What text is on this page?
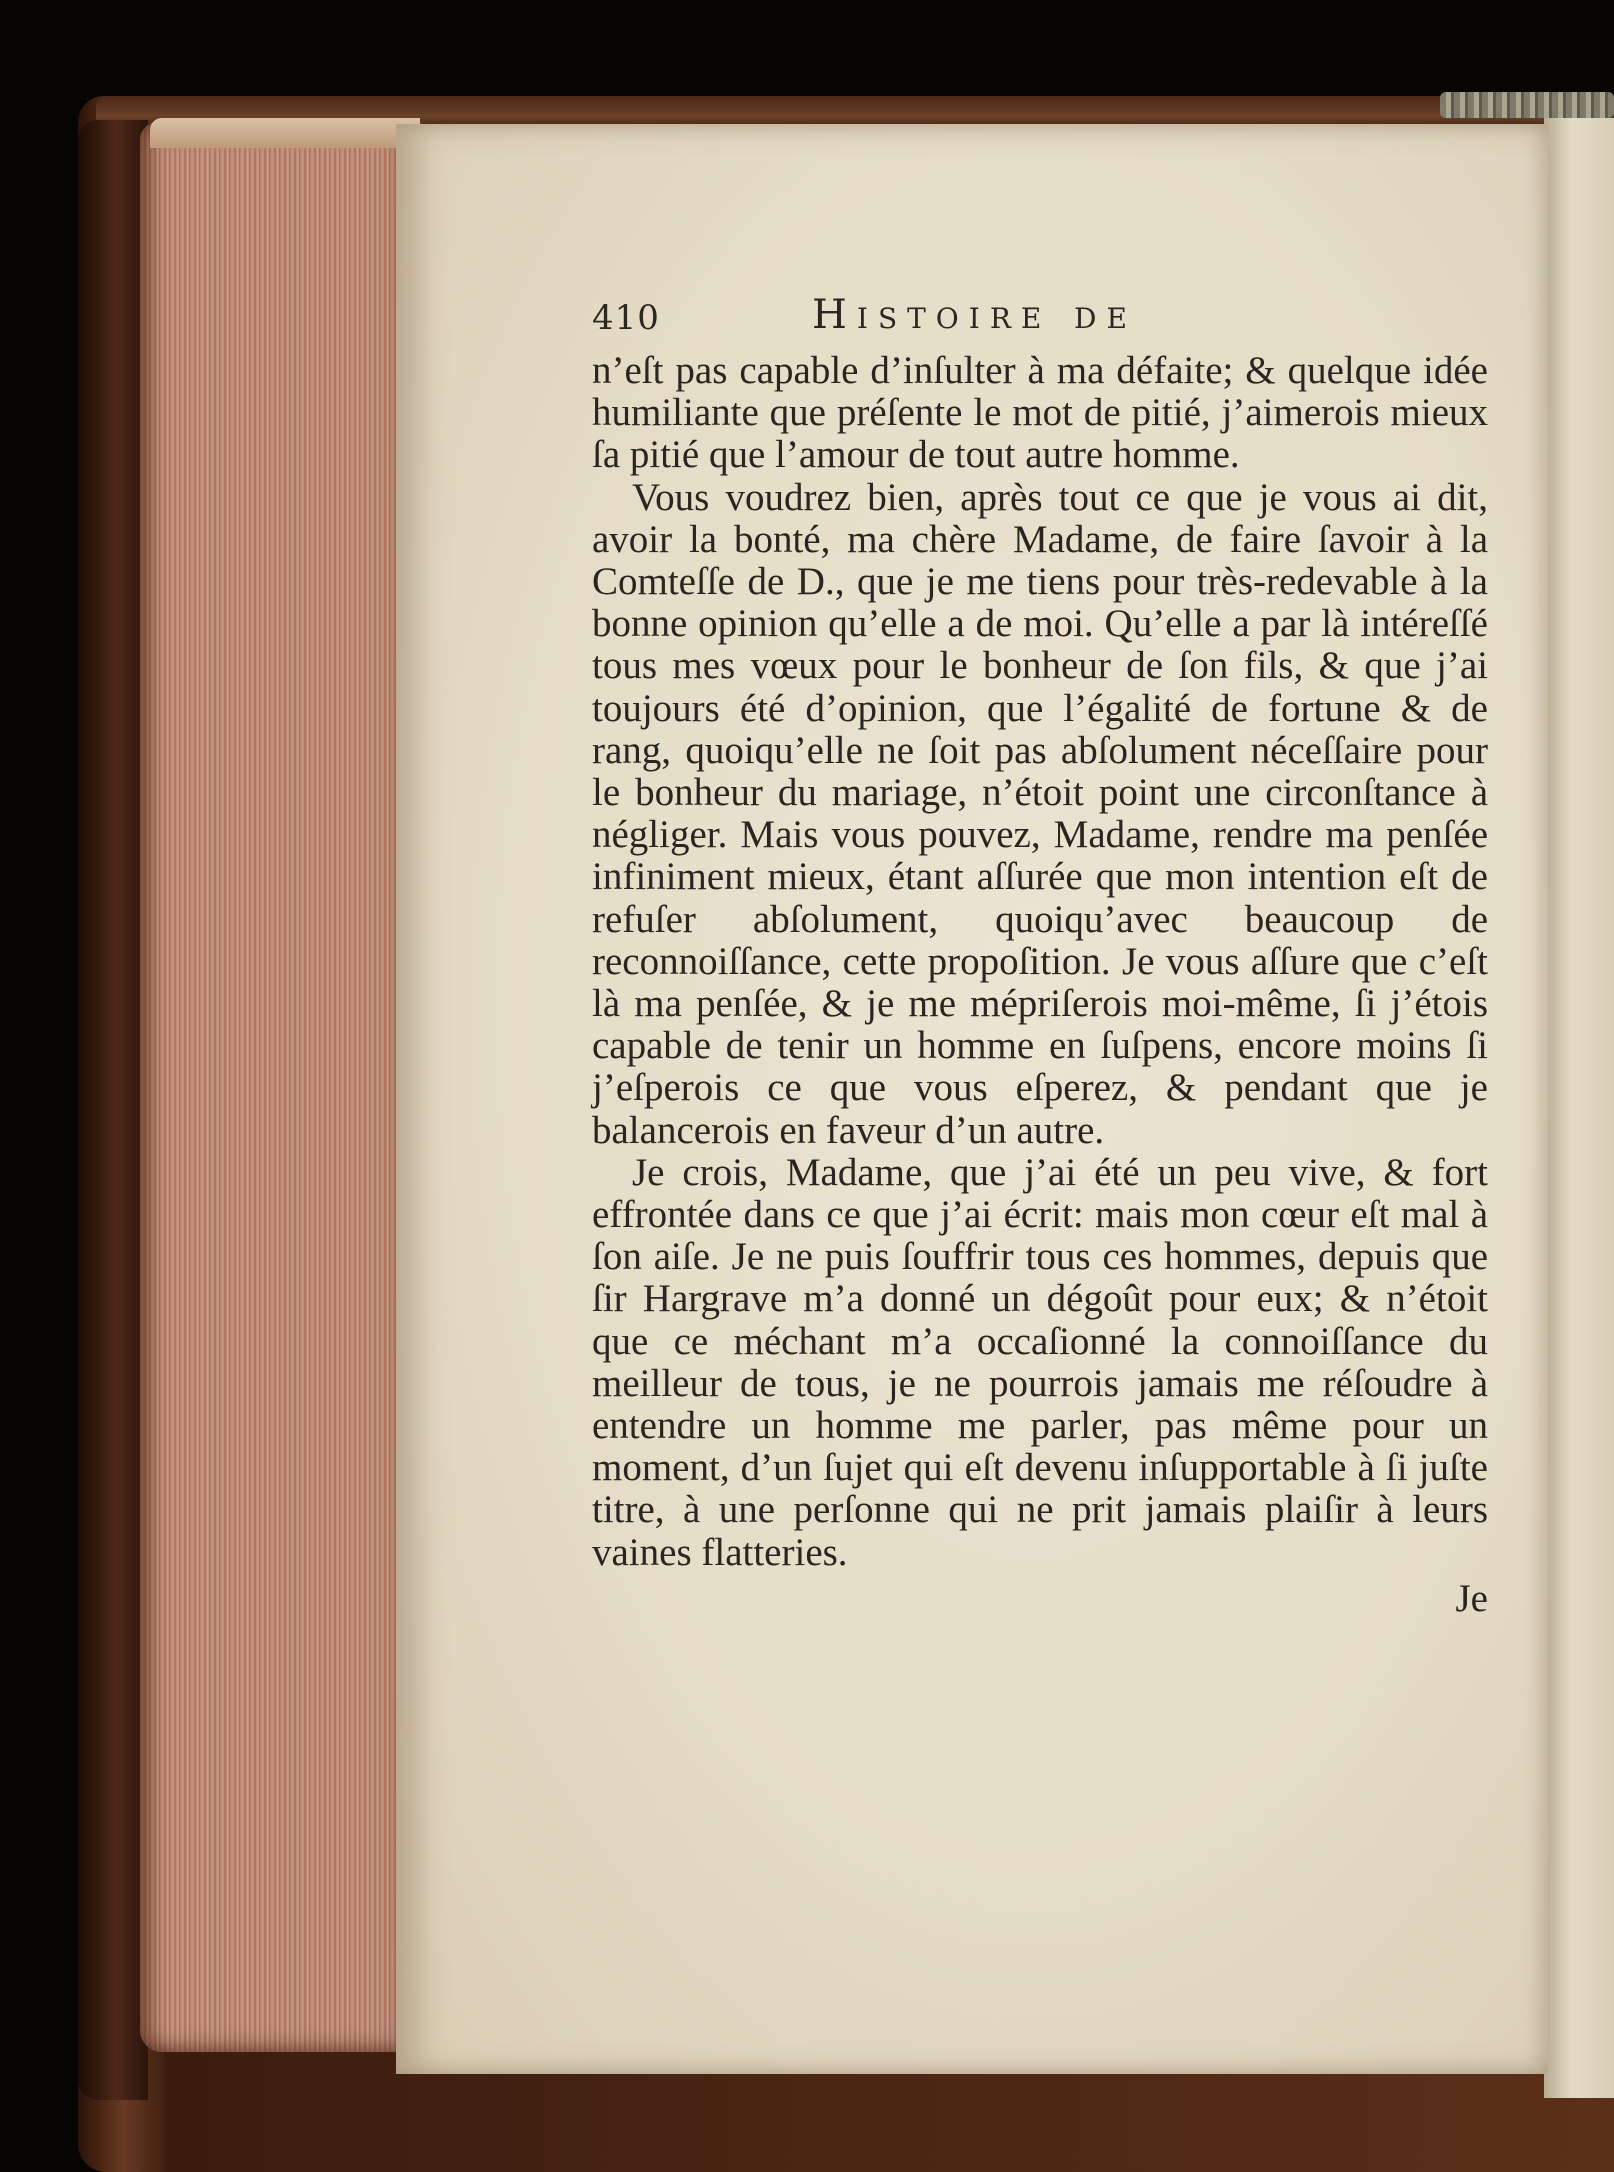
410	Histoire de

n’eſt pas capable d’inſulter à ma défaite; & quelque idée humiliante que préſente le mot de pitié, j’aimerois mieux ſa pitié que l’amour de tout autre homme.

Vous voudrez bien, après tout ce que je vous ai dit, avoir la bonté, ma chère Madame, de faire ſavoir à la Comteſſe de D., que je me tiens pour très-redevable à la bonne opinion qu’elle a de moi. Qu’elle a par là intéreſſé tous mes vœux pour le bonheur de ſon fils, & que j’ai toujours été d’opinion, que l’égalité de fortune & de rang, quoiqu’elle ne ſoit pas abſolument néceſſaire pour le bonheur du mariage, n’étoit point une circonſtance à négliger. Mais vous pouvez, Madame, rendre ma penſée infiniment mieux, étant aſſurée que mon intention eſt de refuſer abſolument, quoiqu’avec beaucoup de reconnoiſſance, cette propoſition. Je vous aſſure que c’eſt là ma penſée, & je me mépriſerois moi-même, ſi j’étois capable de tenir un homme en ſuſpens, encore moins ſi j’eſperois ce que vous eſperez, & pendant que je balancerois en faveur d’un autre.

Je crois, Madame, que j’ai été un peu vive, & fort effrontée dans ce que j’ai écrit: mais mon cœur eſt mal à ſon aiſe. Je ne puis ſouffrir tous ces hommes, depuis que ſir Hargrave m’a donné un dégoût pour eux; & n’étoit que ce méchant m’a occaſionné la connoiſſance du meilleur de tous, je ne pourrois jamais me réſoudre à entendre un homme me parler, pas même pour un moment, d’un ſujet qui eſt devenu inſupportable à ſi juſte titre, à une perſonne qui ne prit jamais plaiſir à leurs vaines flatteries.

Je
